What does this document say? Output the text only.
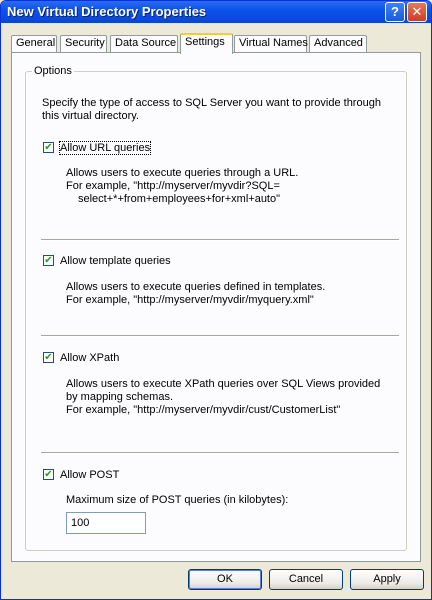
New Virtual Directory Properties	? ✕
General Security Data Source Settings	Virtual Names Advanced
Options
Specify the type of access to SQL Server you want to provide through
this virtual directory.
✔ Allow URL queries
Allows users to execute queries through a URL.
For example, "http://myserver/myvdir?SQL=
select+*+from+employees+for+xml+auto"
✔ Allow template queries
Allows users to execute queries defined in templates.
For example, "http://myserver/myvdir/myquery.xml"
✔ Allow XPath
Allows users to execute XPath queries over SQL Views provided
by mapping schemas.
For example, "http://myserver/myvdir/cust/CustomerList"
✔ Allow POST
Maximum size of POST queries (in kilobytes):
100
OK	Cancel	Apply
